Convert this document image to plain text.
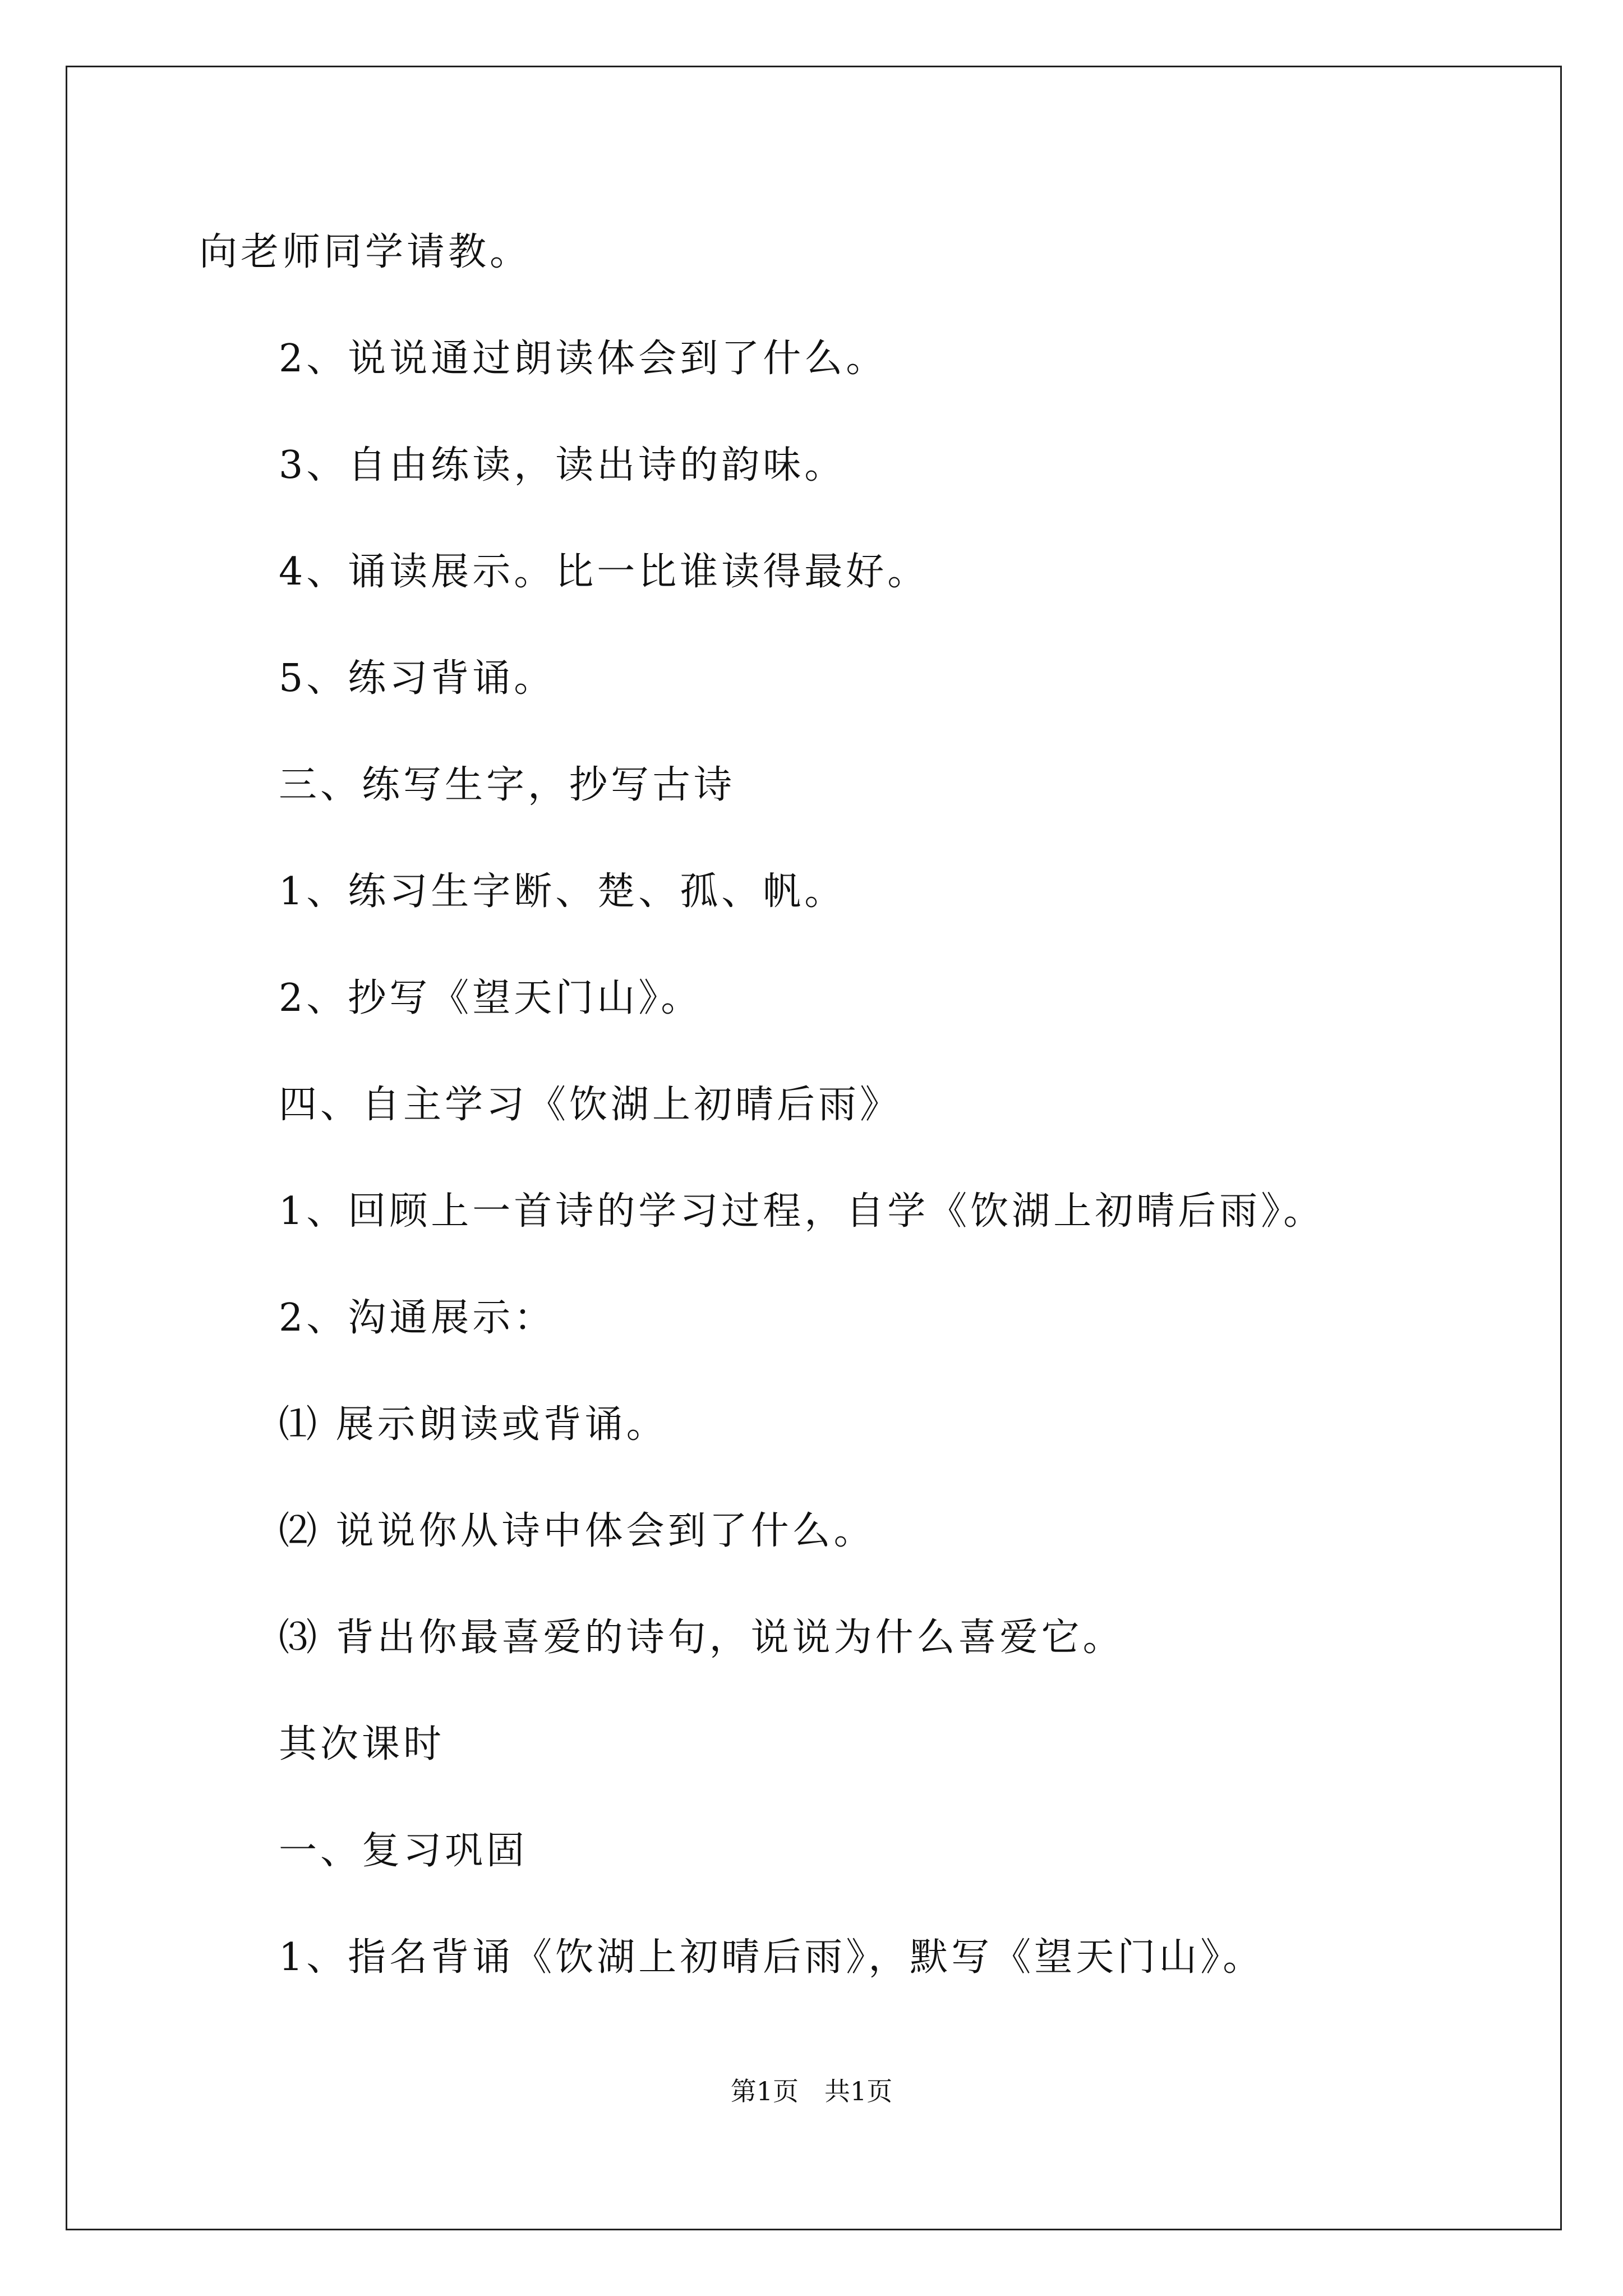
向老师同学请教。
2、说说通过朗读体会到了什么。
3、自由练读，读出诗的韵味。
4、诵读展示。比一比谁读得最好。
5、练习背诵。
三、练写生字，抄写古诗
1、练习生字断、楚、孤、帆。
2、抄写《望天门山》。
四、自主学习《饮湖上初晴后雨》
1、回顾上一首诗的学习过程，自学《饮湖上初晴后雨》。
2、沟通展示：
⑴ 展示朗读或背诵。
⑵ 说说你从诗中体会到了什么。
⑶ 背出你最喜爱的诗句，说说为什么喜爱它。
其次课时
一、复习巩固
1、指名背诵《饮湖上初晴后雨》，默写《望天门山》。
第1页 共1页
